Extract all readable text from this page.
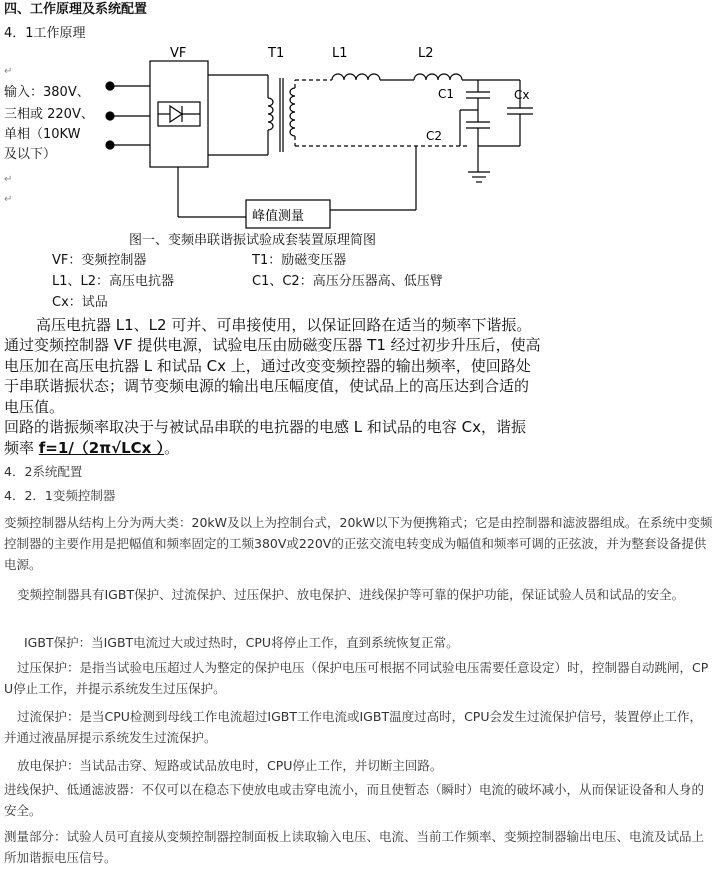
四、工作原理及系统配置
4．1工作原理
输入：380V、
三相或 220V、
单相（10KW
及以下）
↵
↵
↵
VF	T1	L1	L2
C1
C2
Cx
峰值测量
图一、变频串联谐振试验成套装置原理简图
VF：变频控制器	T1：励磁变压器
L1、L2：高压电抗器	C1、C2：高压分压器高、低压臂
Cx：试品
高压电抗器 L1、L2 可并、可串接使用，以保证回路在适当的频率下谐振。
通过变频控制器 VF 提供电源，试验电压由励磁变压器 T1 经过初步升压后，使高
电压加在高压电抗器 L 和试品 Cx 上，通过改变变频控器的输出频率，使回路处
于串联谐振状态；调节变频电源的输出电压幅度值，使试品上的高压达到合适的
电压值。
回路的谐振频率取决于与被试品串联的电抗器的电感 L 和试品的电容 Cx，谐振
频率 f=1/（2π√LCx ）。
4．2系统配置
4．2．1变频控制器
变频控制器从结构上分为两大类：20kW及以上为控制台式，20kW以下为便携箱式；它是由控制器和滤波器组成。在系统中变频控制器的主要作用是把幅值和频率固定的工频380V或220V的正弦交流电转变成为幅值和频率可调的正弦波，并为整套设备提供电源。
变频控制器具有IGBT保护、过流保护、过压保护、放电保护、进线保护等可靠的保护功能，保证试验人员和试品的安全。
IGBT保护：当IGBT电流过大或过热时，CPU将停止工作，直到系统恢复正常。
过压保护：是指当试验电压超过人为整定的保护电压（保护电压可根据不同试验电压需要任意设定）时，控制器自动跳闸，CPU停止工作，并提示系统发生过压保护。
过流保护：是当CPU检测到母线工作电流超过IGBT工作电流或IGBT温度过高时，CPU会发生过流保护信号，装置停止工作，并通过液晶屏提示系统发生过流保护。
放电保护：当试品击穿、短路或试品放电时，CPU停止工作，并切断主回路。
进线保护、低通滤波器：不仅可以在稳态下使放电或击穿电流小，而且使暂态（瞬时）电流的破坏减小，从而保证设备和人身的安全。
测量部分：试验人员可直接从变频控制器控制面板上读取输入电压、电流、当前工作频率、变频控制器输出电压、电流及试品上所加谐振电压信号。
